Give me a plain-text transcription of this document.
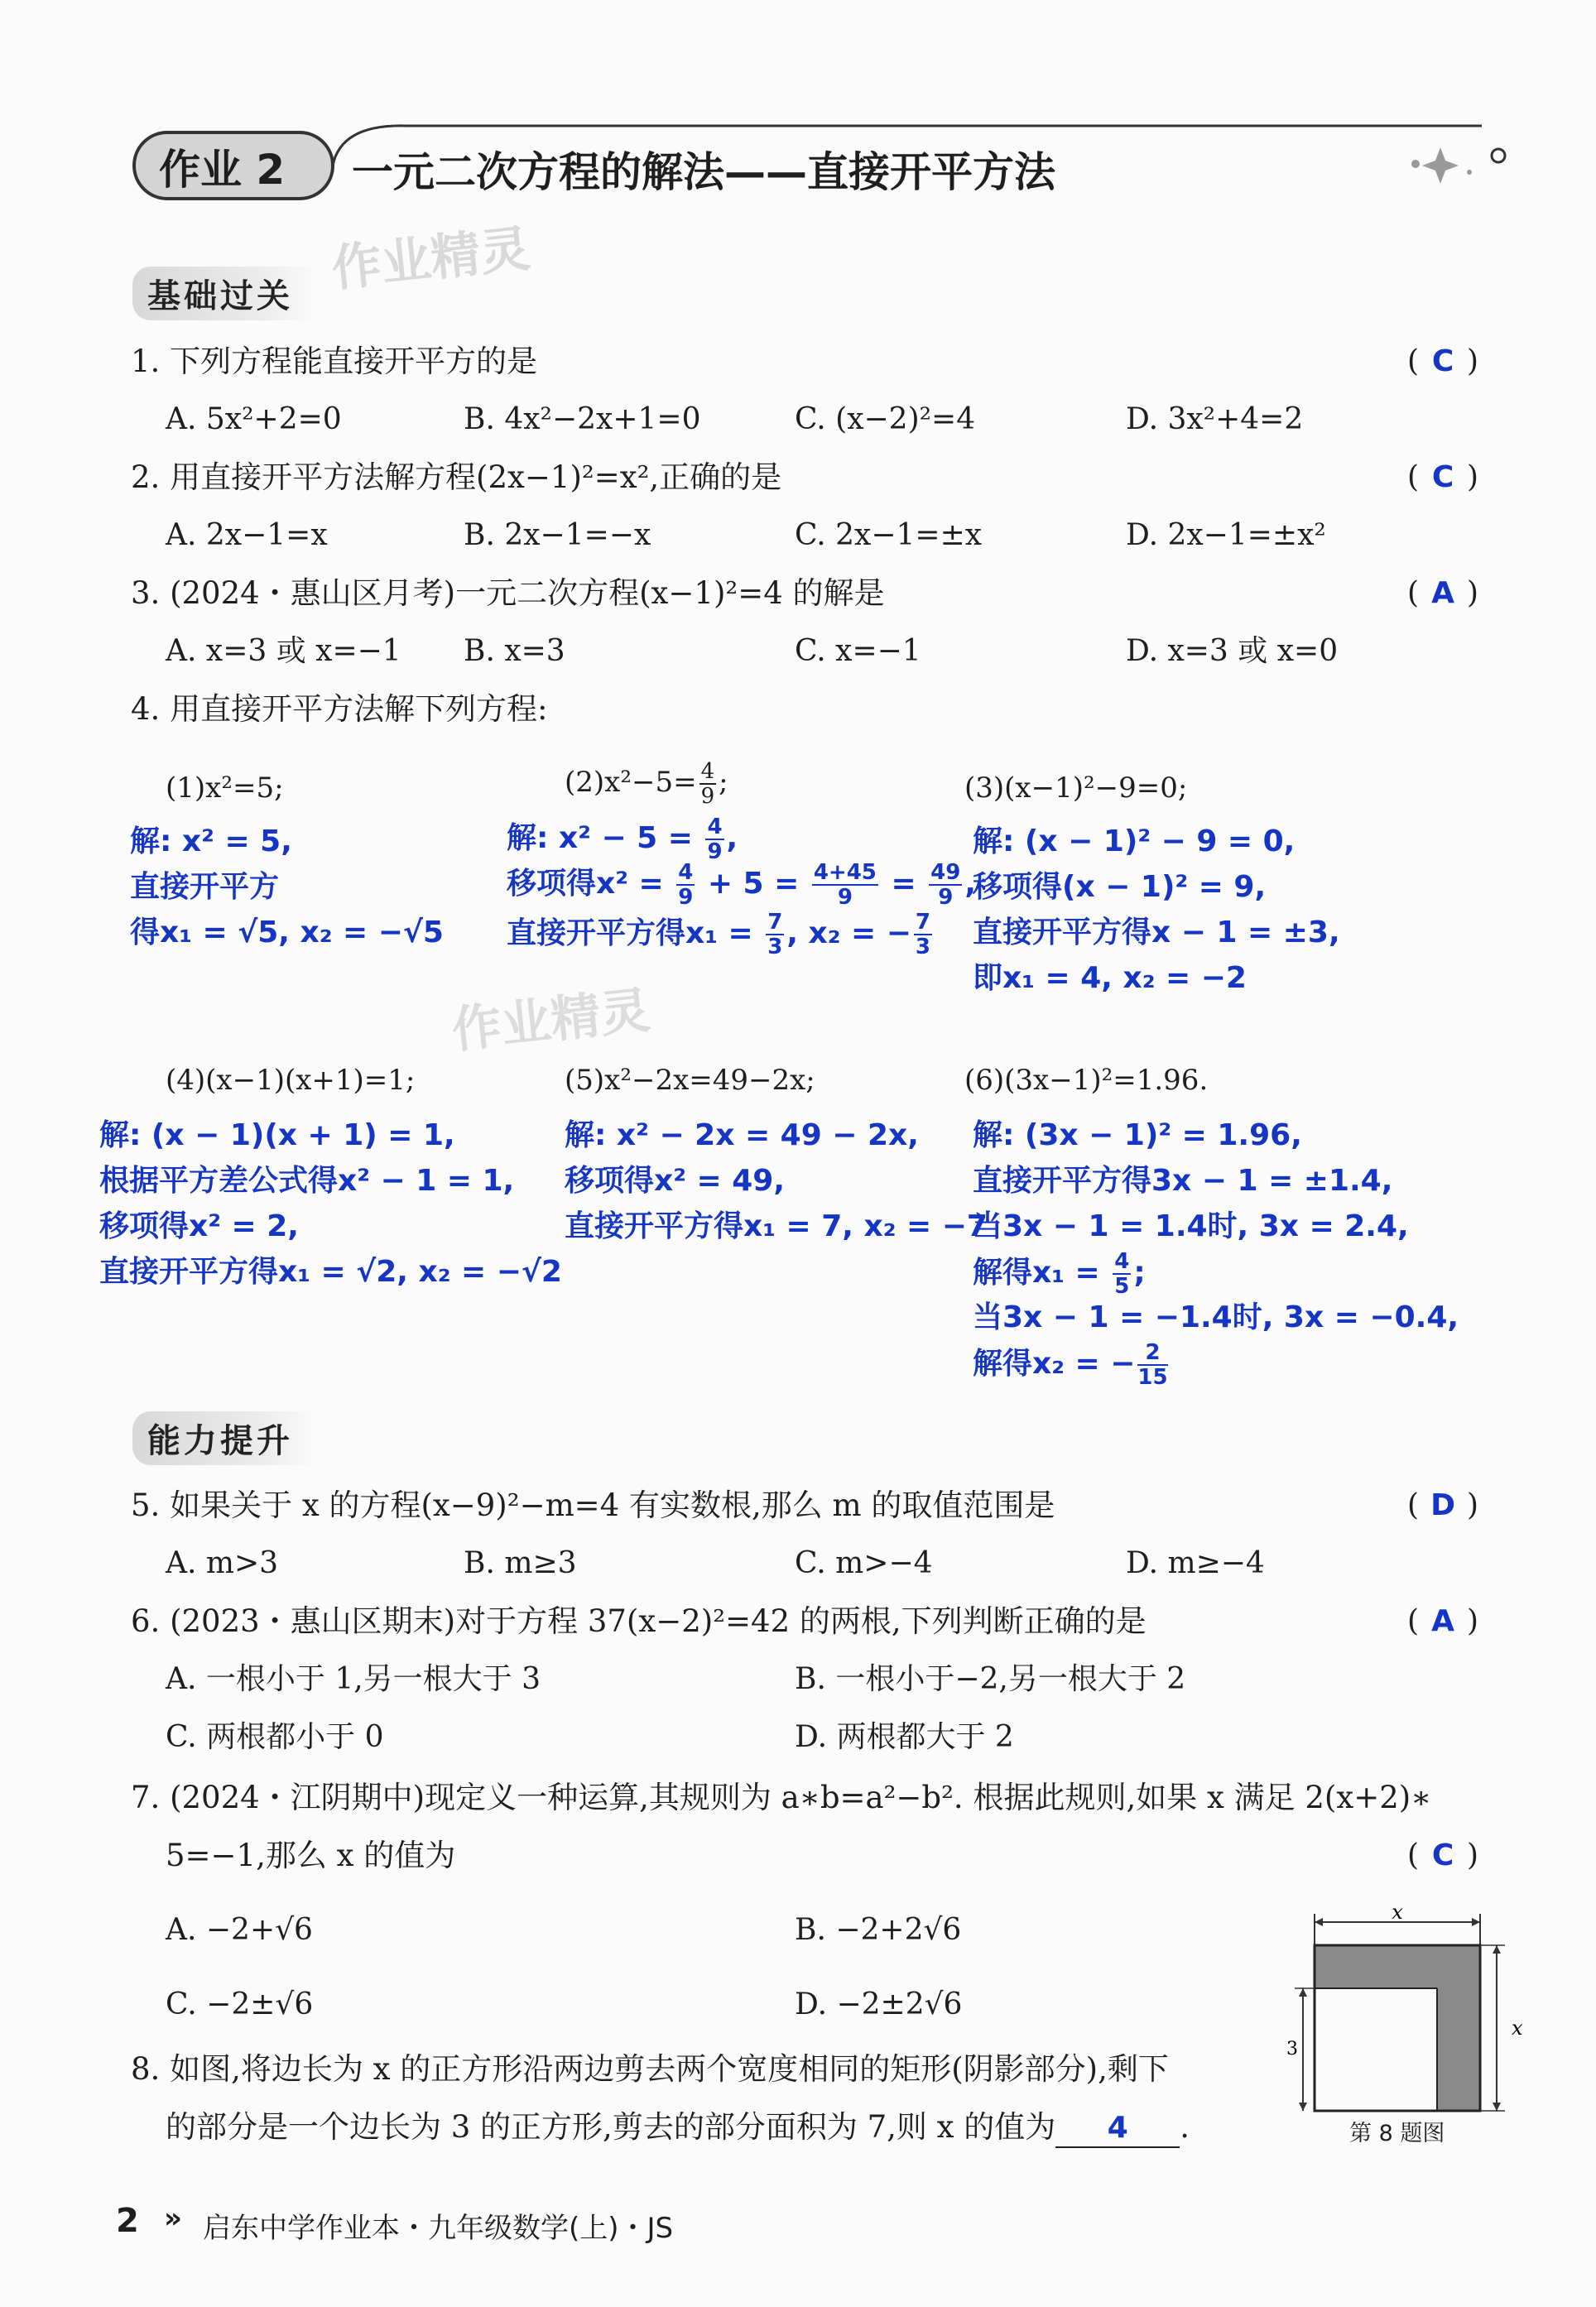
作业 2 一元二次方程的解法——直接开平方法
作业精灵
作业精灵
基础过关
1. 下列方程能直接开平方的是	( C )
A. 5x²+2=0	B. 4x²−2x+1=0	C. (x−2)²=4	D. 3x²+4=2
2. 用直接开平方法解方程(2x−1)²=x²,正确的是	( C )
A. 2x−1=x	B. 2x−1=−x	C. 2x−1=±x	D. 2x−1=±x²
3. (2024・惠山区月考)一元二次方程(x−1)²=4 的解是	( A )
A. x=3 或 x=−1 B. x=3	C. x=−1	D. x=3 或 x=0
4. 用直接开平方法解下列方程:
(1)x²=5;	$(2)x^2-5= \frac{4}{9}$ ;	(3)(x−1)²−9=0;
解: x² = 5,
直接开平方
得x₁ = √5, x₂ = −√5
解: $x^2 - 5 = \frac{4}{9}$ ,
移项得$x^2 = \frac{4}{9} + 5 = \frac{4+45}{9} = \frac{49}{9}$ ,
直接开平方得$x_1 = \frac{7}{3}$ , x₂ = − $\frac{7}{3}$
解: (x − 1)² − 9 = 0,
移项得(x − 1)² = 9,
直接开平方得x − 1 = ±3,
即x₁ = 4, x₂ = −2
(4)(x−1)(x+1)=1;	(5)x²−2x=49−2x;	(6)(3x−1)²=1.96.
解: (x − 1)(x + 1) = 1,
根据平方差公式得x² − 1 = 1,
移项得x² = 2,
直接开平方得x₁ = √2, x₂ = −√2
解: x² − 2x = 49 − 2x,
移项得x² = 49,
直接开平方得x₁ = 7, x₂ = −7
解: (3x − 1)² = 1.96,
直接开平方得3x − 1 = ±1.4,
当3x − 1 = 1.4时, 3x = 2.4,
解得$x_1 = \frac{4}{5}$ ;
当3x − 1 = −1.4时, 3x = −0.4,
解得x₂ = − $\frac{2}{15}$
能力提升
5. 如果关于 x 的方程(x−9)²−m=4 有实数根,那么 m 的取值范围是	( D )
A. m>3	B. m≥3	C. m>−4	D. m≥−4
6. (2023・惠山区期末)对于方程 37(x−2)²=42 的两根,下列判断正确的是	( A )
A. 一根小于 1,另一根大于 3	B. 一根小于−2,另一根大于 2
C. 两根都小于 0	D. 两根都大于 2
7. (2024・江阴期中)现定义一种运算,其规则为 a∗b=a²−b². 根据此规则,如果 x 满足 2(x+2)∗
5=−1,那么 x 的值为	( C )
A. −2+√6	B. −2+2√6
C. −2±√6	D. −2±2√6
8. 如图,将边长为 x 的正方形沿两边剪去两个宽度相同的矩形(阴影部分),剩下
的部分是一个边长为 3 的正方形,剪去的部分面积为 7,则 x 的值为 4 .
x
x
3
第 8 题图
2 » 启东中学作业本・九年级数学(上)・JS
